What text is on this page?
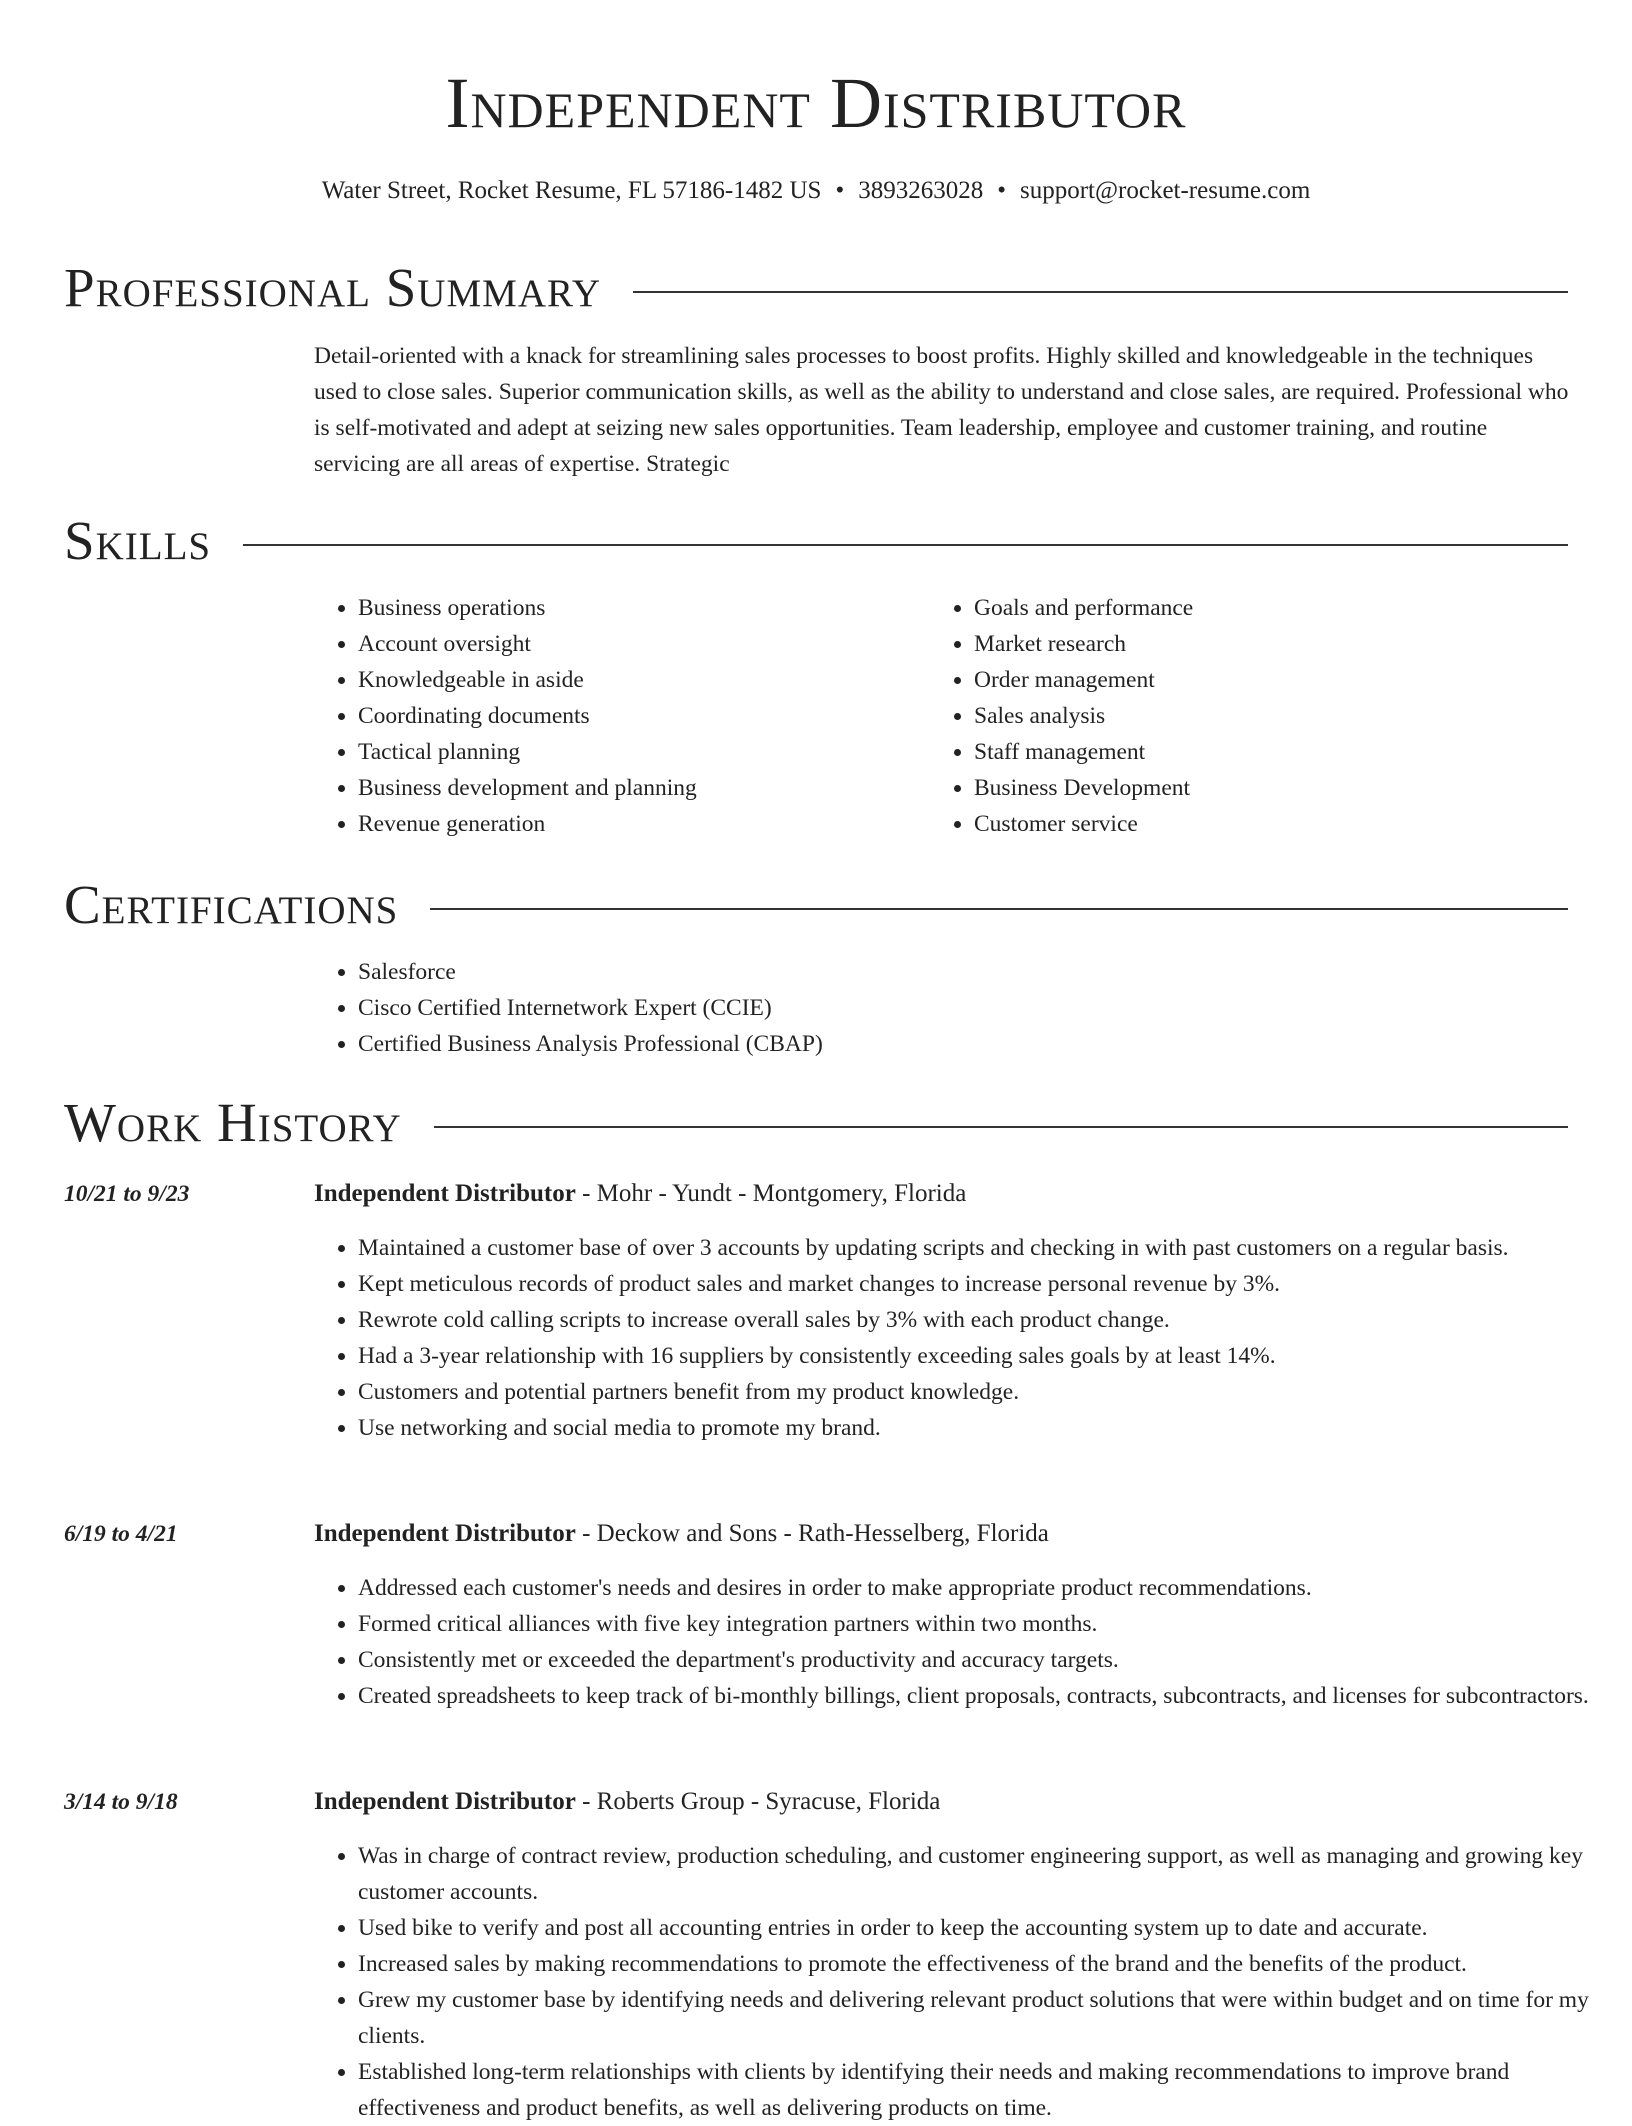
Independent Distributor
Water Street, Rocket Resume, FL 57186-1482 US • 3893263028 • support@rocket-resume.com
Professional Summary
Detail-oriented with a knack for streamlining sales processes to boost profits. Highly skilled and knowledgeable in the techniques used to close sales. Superior communication skills, as well as the ability to understand and close sales, are required. Professional who is self-motivated and adept at seizing new sales opportunities. Team leadership, employee and customer training, and routine servicing are all areas of expertise. Strategic
Skills
• Business operations
• Account oversight
• Knowledgeable in aside
• Coordinating documents
• Tactical planning
• Business development and planning
• Revenue generation
• Goals and performance
• Market research
• Order management
• Sales analysis
• Staff management
• Business Development
• Customer service
Certifications
• Salesforce
• Cisco Certified Internetwork Expert (CCIE)
• Certified Business Analysis Professional (CBAP)
Work History
10/21 to 9/23	Independent Distributor - Mohr - Yundt - Montgomery, Florida
• Maintained a customer base of over 3 accounts by updating scripts and checking in with past customers on a regular basis.
• Kept meticulous records of product sales and market changes to increase personal revenue by 3%.
• Rewrote cold calling scripts to increase overall sales by 3% with each product change.
• Had a 3-year relationship with 16 suppliers by consistently exceeding sales goals by at least 14%.
• Customers and potential partners benefit from my product knowledge.
• Use networking and social media to promote my brand.
6/19 to 4/21	Independent Distributor - Deckow and Sons - Rath-Hesselberg, Florida
• Addressed each customer's needs and desires in order to make appropriate product recommendations.
• Formed critical alliances with five key integration partners within two months.
• Consistently met or exceeded the department's productivity and accuracy targets.
• Created spreadsheets to keep track of bi-monthly billings, client proposals, contracts, subcontracts, and licenses for subcontractors.
3/14 to 9/18	Independent Distributor - Roberts Group - Syracuse, Florida
• Was in charge of contract review, production scheduling, and customer engineering support, as well as managing and growing key customer accounts.
• Used bike to verify and post all accounting entries in order to keep the accounting system up to date and accurate.
• Increased sales by making recommendations to promote the effectiveness of the brand and the benefits of the product.
• Grew my customer base by identifying needs and delivering relevant product solutions that were within budget and on time for my clients.
• Established long-term relationships with clients by identifying their needs and making recommendations to improve brand effectiveness and product benefits, as well as delivering products on time.
